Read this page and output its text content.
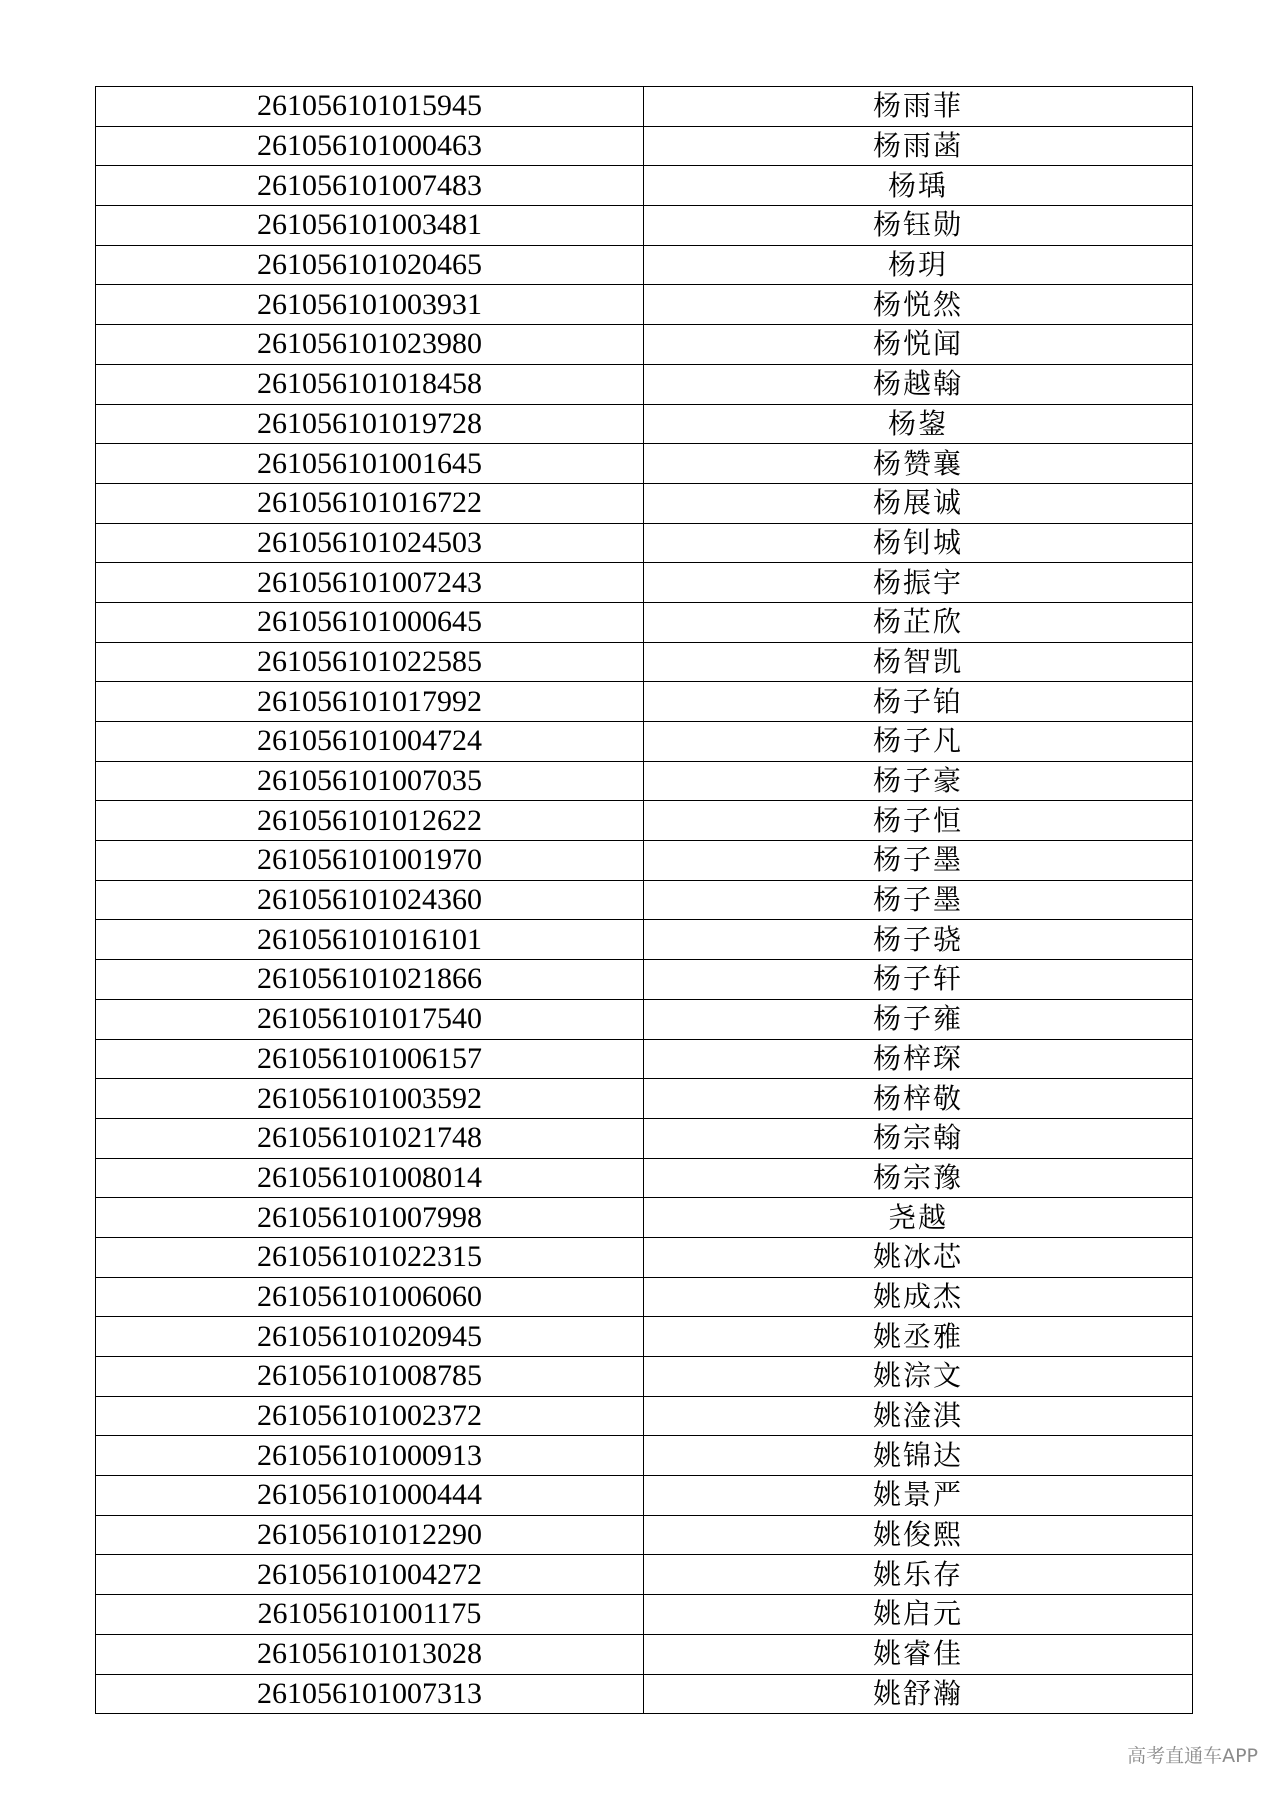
261056101015945	杨雨菲
261056101000463	杨雨菡
261056101007483	杨瑀
261056101003481	杨钰勋
261056101020465	杨玥
261056101003931	杨悦然
261056101023980	杨悦闻
261056101018458	杨越翰
261056101019728	杨鋆
261056101001645	杨赞襄
261056101016722	杨展诚
261056101024503	杨钊城
261056101007243	杨振宇
261056101000645	杨芷欣
261056101022585	杨智凯
261056101017992	杨子铂
261056101004724	杨子凡
261056101007035	杨子豪
261056101012622	杨子恒
261056101001970	杨子墨
261056101024360	杨子墨
261056101016101	杨子骁
261056101021866	杨子轩
261056101017540	杨子雍
261056101006157	杨梓琛
261056101003592	杨梓敬
261056101021748	杨宗翰
261056101008014	杨宗豫
261056101007998	尧越
261056101022315	姚冰芯
261056101006060	姚成杰
261056101020945	姚丞雅
261056101008785	姚淙文
261056101002372	姚淦淇
261056101000913	姚锦达
261056101000444	姚景严
261056101012290	姚俊熙
261056101004272	姚乐存
261056101001175	姚启元
261056101013028	姚睿佳
261056101007313	姚舒瀚
高考直通车APP
